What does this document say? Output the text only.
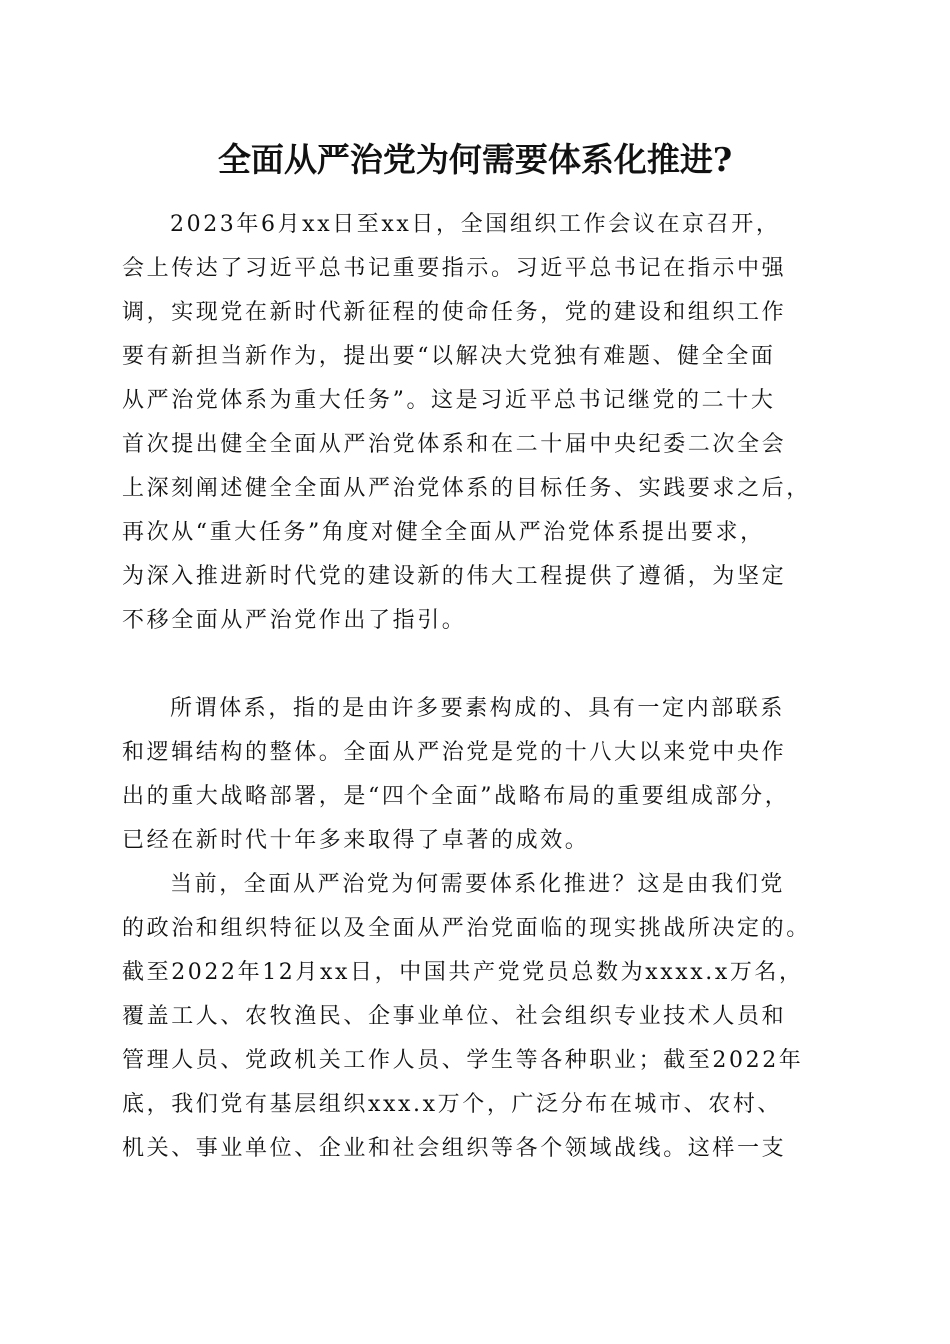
全面从严治党为何需要体系化推进?

2023年6月xx日至xx日，全国组织工作会议在京召开，

会上传达了习近平总书记重要指示。习近平总书记在指示中强

调，实现党在新时代新征程的使命任务，党的建设和组织工作

要有新担当新作为，提出要“以解决大党独有难题、健全全面

从严治党体系为重大任务”。这是习近平总书记继党的二十大

首次提出健全全面从严治党体系和在二十届中央纪委二次全会

上深刻阐述健全全面从严治党体系的目标任务、实践要求之后，

再次从“重大任务”角度对健全全面从严治党体系提出要求，

为深入推进新时代党的建设新的伟大工程提供了遵循，为坚定

不移全面从严治党作出了指引。

所谓体系，指的是由许多要素构成的、具有一定内部联系

和逻辑结构的整体。全面从严治党是党的十八大以来党中央作

出的重大战略部署，是“四个全面”战略布局的重要组成部分，

已经在新时代十年多来取得了卓著的成效。

当前，全面从严治党为何需要体系化推进？这是由我们党

的政治和组织特征以及全面从严治党面临的现实挑战所决定的。

截至2022年12月xx日，中国共产党党员总数为xxxx.x万名，

覆盖工人、农牧渔民、企事业单位、社会组织专业技术人员和

管理人员、党政机关工作人员、学生等各种职业；截至2022年

底，我们党有基层组织xxx.x万个，广泛分布在城市、农村、

机关、事业单位、企业和社会组织等各个领域战线。这样一支
